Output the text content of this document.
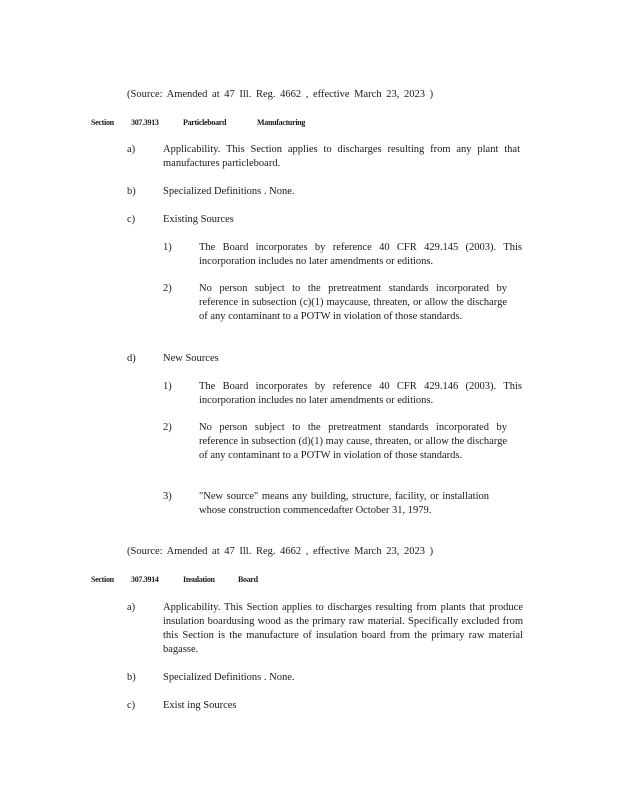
(Source: Amended at 47 Ill. Reg. 4662 , effective March 23, 2023 )
Section 307.3913	Particleboard	Manufacturing
a)	Applicability. This Section applies to discharges resulting from any plant that manufactures particleboard.
b)	Specialized Definitions . None.
c)	Existing Sources
1)	The Board incorporates by reference 40 CFR 429.145 (2003). This incorporation includes no later amendments or editions.
2)	No person subject to the pretreatment standards incorporated by reference in subsection (c)(1) maycause, threaten, or allow the discharge of any contaminant to a POTW in violation of those standards.
d)	New Sources
1)	The Board incorporates by reference 40 CFR 429.146 (2003). This incorporation includes no later amendments or editions.
2)	No person subject to the pretreatment standards incorporated by reference in subsection (d)(1) may cause, threaten, or allow the discharge of any contaminant to a POTW in violation of those standards.
3)	"New source" means any building, structure, facility, or installation whose construction commencedafter October 31, 1979.
(Source: Amended at 47 Ill. Reg. 4662 , effective March 23, 2023 )
Section 307.3914	Insulation	Board
a)	Applicability. This Section applies to discharges resulting from plants that produce insulation boardusing wood as the primary raw material. Specifically excluded from this Section is the manufacture of insulation board from the primary raw material bagasse.
b)	Specialized Definitions . None.
c)	Exist ing Sources
